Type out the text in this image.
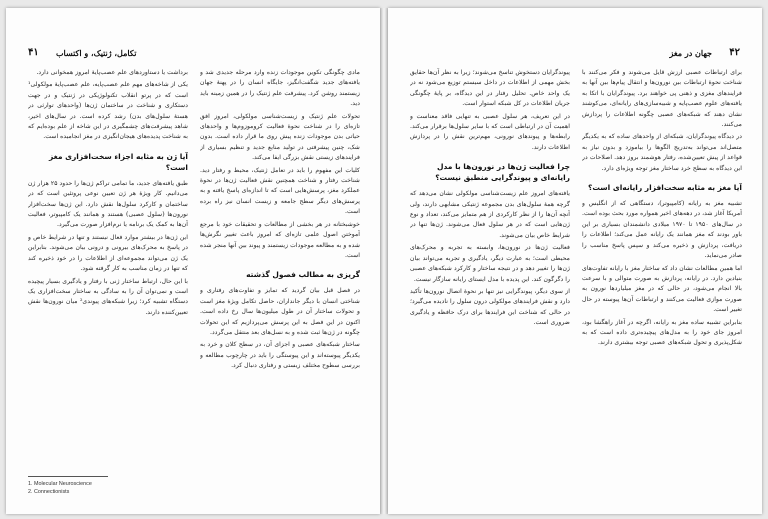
۴۱ تکامل، ژنتیک، و اکتساب

مادی چگونگی تکوین موجودات زنده وارد مرحله جدیدی شد و یافته‌های جدید شگفت‌انگیز، جایگاه انسان را در پهنهٔ جهان زیستمند روشن کرد. پیشرفت علم ژنتیک را در همین زمینه باید دید.

تحولات علم ژنتیک و زیست‌شناسی مولکولی، امروز افق تازه‌ای را در شناخت نحوهٔ فعالیت کروموزوم‌ها و واحدهای حیاتی بدن موجودات زنده پیش روی ما قرار داده است. بدون شک، چنین پیشرفتی در تولید منابع جدید و تنظیم بسیاری از فرایندهای زیستی نقش بزرگی ایفا می‌کند.

کلیات این مفهوم را باید در تعامل ژنتیک، محیط و رفتار دید. شناخت رفتار و شناخت همچنین نقش فعالیت ژن‌ها در نحوهٔ عملکرد مغز، پرسش‌هایی است که تا اندازه‌ای پاسخ یافته و به پرسش‌های دیگر سطح جامعه و زیست انسان نیز راه برده است.

خوشبختانه در هر بخشی از مطالعات و تحقیقات خود با مرجع آموختن اصول علمی تازه‌ای که امروز باعث تغییر نگرش‌ها شده و به مطالعه موجودات زیستمند و پیوند بین آنها منجر شده است.

گریزی به مطالب فصول گذشته

در فصل قبل بیان گردید که تمایز و تفاوت‌های رفتاری و شناختی انسان با دیگر جانداران، حاصل تکامل ویژهٔ مغز است و تحولات ساختار آن در طول میلیون‌ها سال رخ داده است. اکنون در این فصل به این پرسش می‌پردازیم که این تحولات چگونه در ژن‌ها ثبت شده و به نسل‌های بعد منتقل می‌گردد.

ساختار شبکه‌های عصبی و اجزای آن، در سطح کلان و خرد به یکدیگر پیوسته‌اند و این پیوستگی را باید در چارچوب مطالعه و بررسی سطوح مختلف زیستی و رفتاری دنبال کرد.

برداشت یا دستاوردهای علم عصب‌پایهٔ امروز همخوانی دارد.

یکی از شاخه‌های مهم علم عصب‌پایه، علم عصب‌پایهٔ مولکولی¹ است که در پرتو انقلاب تکنولوژیکی در ژنتیک و در جهت دستکاری و شناخت در ساختمان ژن‌ها (واحدهای توارثی در هستهٔ سلول‌های بدن) رشد کرده است. در سال‌های اخیر، شاهد پیشرفت‌های چشمگیری در این شاخه از علم بوده‌ایم که به شناخت پدیده‌های هیجان‌انگیزی در مغز انجامیده است.

آیا ژن به مثابه اجزاء سخت‌افزاری مغز است؟

طبق یافته‌های جدید، ما تمامی تراکم ژن‌ها را حدود ۲۵ هزار ژن می‌دانیم. کار ویژهٔ هر ژن تعیین نوعی پروتئین است که در ساختمان و کارکرد سلول‌ها نقش دارد. این ژن‌ها سخت‌افزار نورون‌ها (سلول عصبی) هستند و همانند یک کامپیوتر، فعالیت آن‌ها به کمک یک برنامه یا نرم‌افزار صورت می‌گیرد.

این ژن‌ها در بیشتر موارد فعال نیستند و تنها در شرایط خاص و در پاسخ به محرک‌های بیرونی و درونی بیان می‌شوند. بنابراین یک ژن می‌تواند مجموعه‌ای از اطلاعات را در خود ذخیره کند که تنها در زمان مناسب به کار گرفته شود.

با این حال، ارتباط ساختار ژنی با رفتار و یادگیری بسیار پیچیده است و نمی‌توان آن را به سادگی به ساختار سخت‌افزاری یک دستگاه تشبیه کرد؛ زیرا شبکه‌های پیوندی² میان نورون‌ها نقش تعیین‌کننده دارند.

1. Molecular Neuroscience
2. Connectionists
۴۲
جهان در مغز

برای ارتباطات عصبی ارزش قایل می‌شوند و فکر می‌کنند با شناخت نحوهٔ ارتباطات بین نورون‌ها و انتقال پیام‌ها بین آنها به فرایندهای مغزی و ذهنی پی خواهند برد. پیوندگرایان با اتکا به یافته‌های علوم عصب‌پایه و شبیه‌سازی‌های رایانه‌ای، می‌کوشند نشان دهند که شبکه‌های عصبی چگونه اطلاعات را پردازش می‌کنند.

در دیدگاه پیوندگرایان، شبکه‌ای از واحدهای ساده که به یکدیگر متصل‌اند می‌تواند به‌تدریج الگوها را بیاموزد و بدون نیاز به قواعد از پیش تعیین‌شده، رفتار هوشمند بروز دهد. اصلاحات در این دیدگاه به سطح خرد ساختار مغز توجه ویژه‌ای دارد.

آیا مغز به مثابه سخت‌افزار رایانه‌ای است؟

تشبیه مغز به رایانه (کامپیوتر)، دستگاهی که از انگلیس و آمریکا آغاز شد، در دهه‌های اخیر همواره مورد بحث بوده است. در سال‌های ۱۹۵۰ تا ۱۹۷۰ میلادی دانشمندان بسیاری بر این باور بودند که مغز همانند یک رایانه عمل می‌کند؛ اطلاعات را دریافت، پردازش و ذخیره می‌کند و سپس پاسخ مناسب را صادر می‌نماید.

اما همین مطالعات نشان داد که ساختار مغز با رایانه تفاوت‌های بنیادین دارد. در رایانه، پردازش به صورت متوالی و با سرعت بالا انجام می‌شود، در حالی که در مغز میلیاردها نورون به صورت موازی فعالیت می‌کنند و ارتباطات آن‌ها پیوسته در حال تغییر است.

بنابراین تشبیه ساده مغز به رایانه، اگرچه در آغاز راهگشا بود، امروز جای خود را به مدل‌های پیچیده‌تری داده است که به شکل‌پذیری و تحول شبکه‌های عصبی توجه بیشتری دارند.

پیوندگرایان دستخوش تناسخ می‌شوند؛ زیرا به نظر آن‌ها حقایق بخش مهمی از اطلاعات در داخل سیستم توزیع می‌شود نه در یک واحد خاص. تحلیل رفتار در این دیدگاه، بر پایهٔ چگونگی جریان اطلاعات در کل شبکه استوار است.

در این تعریف، هر سلول عصبی به تنهایی فاقد معناست و اهمیت آن در ارتباطی است که با سایر سلول‌ها برقرار می‌کند. رابطه‌ها و پیوندهای نورونی، مهم‌ترین نقش را در پردازش اطلاعات دارند.

چرا فعالیت ژن‌ها در نورون‌ها با مدل رایانه‌ای و پیوندگرایی منطبق نیست؟

یافته‌های امروز علم زیست‌شناسی مولکولی نشان می‌دهد که گرچه همهٔ سلول‌های بدن مجموعه ژنتیکی مشابهی دارند، ولی آنچه آن‌ها را از نظر کارکردی از هم متمایز می‌کند، تعداد و نوع ژن‌هایی است که در هر سلول فعال می‌شوند. ژن‌ها تنها در شرایط خاص بیان می‌شوند.

فعالیت ژن‌ها در نورون‌ها، وابسته به تجربه و محرک‌های محیطی است؛ به عبارت دیگر، یادگیری و تجربه می‌تواند بیان ژن‌ها را تغییر دهد و در نتیجه ساختار و کارکرد شبکه‌های عصبی را دگرگون کند. این پدیده با مدل ایستای رایانه سازگار نیست.

از سوی دیگر، پیوندگرایی نیز تنها بر نحوهٔ اتصال نورون‌ها تأکید دارد و نقش فرایندهای مولکولی درون سلول را نادیده می‌گیرد؛ در حالی که شناخت این فرایندها برای درک حافظه و یادگیری ضروری است.
